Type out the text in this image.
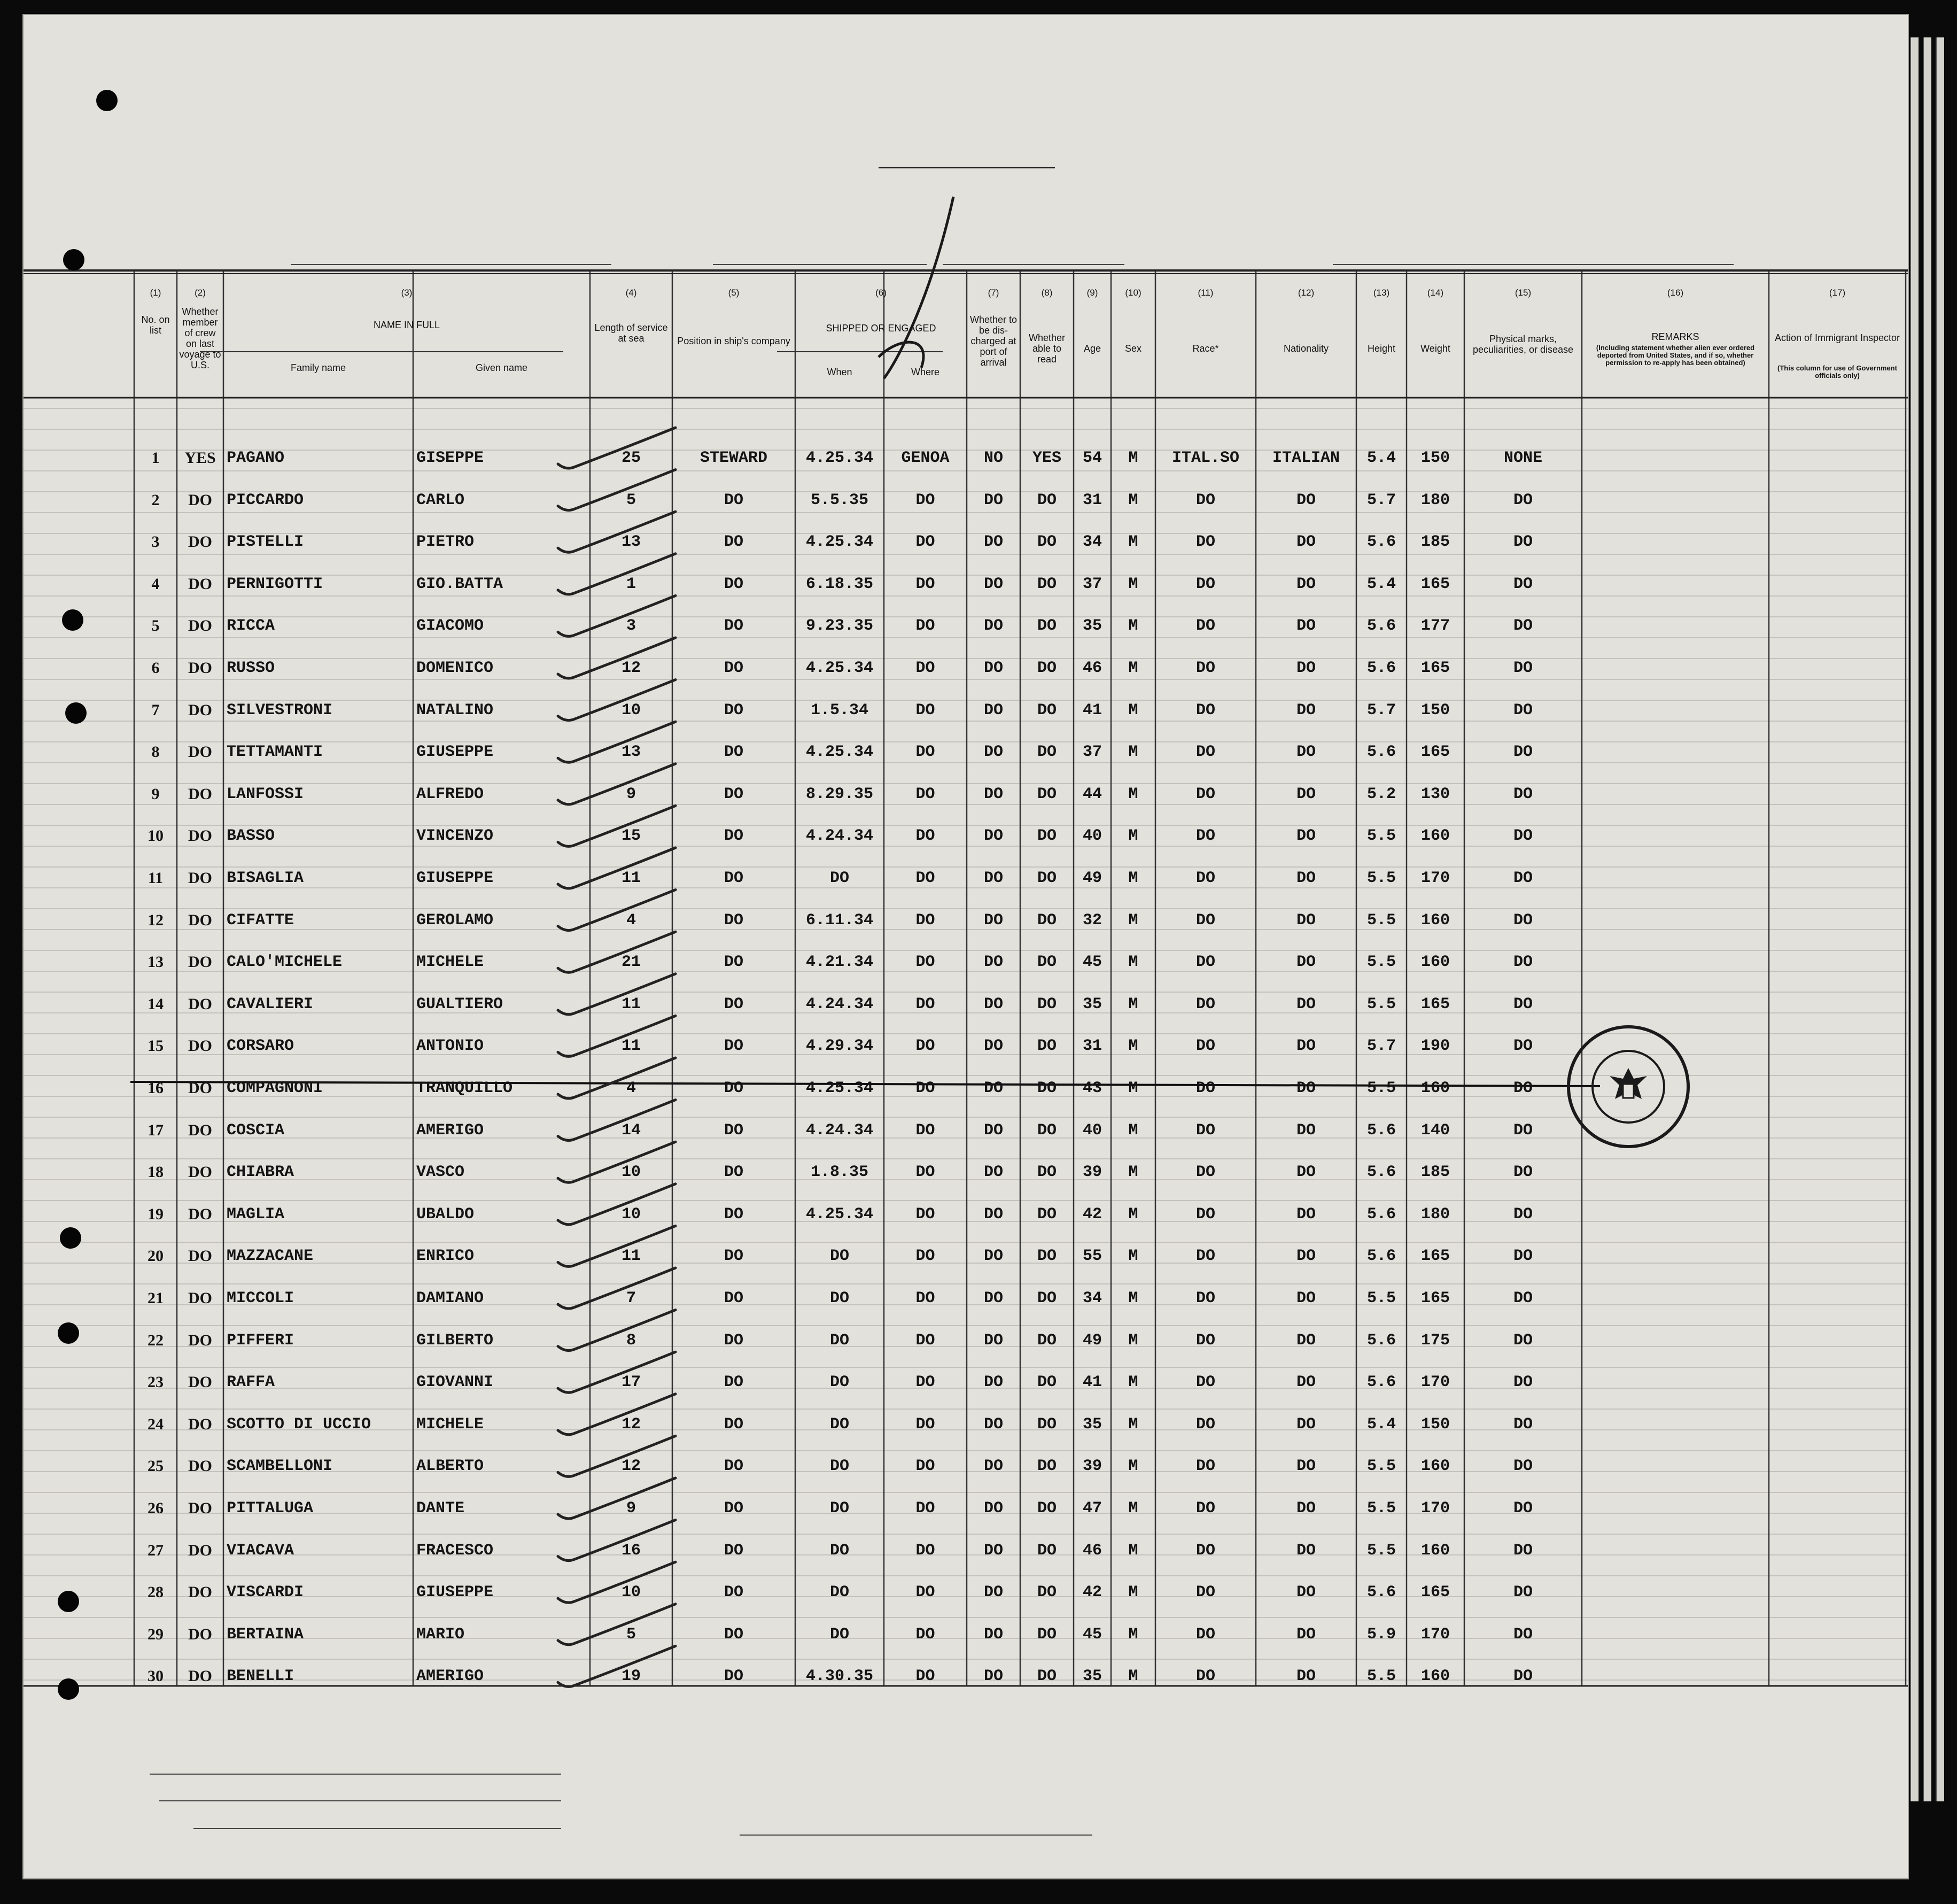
(1)
No. on list
(2)
Whether member of crew on last voyage to U.S.
(3)
NAME IN FULL
Family name	Given name
(4)
Length of service at sea
(5)
Position in ship's company
(6)
SHIPPED OR ENGAGED
When	Where
(7)
Whether to be dis-charged at port of arrival
(8)
Whether able to read
(9)
Age
(10)
Sex
(11)
Race*
(12)
Nationality
(13)
Height
(14)
Weight
(15)
Physical marks, peculiarities, or disease
(16)
REMARKS
(17)
Action of Immigrant Inspector
(Including statement whether alien ever ordered deported from United States, and if so, whether permission to re-apply has been obtained)
(This column for use of Government officials only)
1	YES PAGANO	GISEPPE	25	STEWARD	4.25.34	GENOA	NO	YES	54	M	ITAL.SO	ITALIAN	5.4	150	NONE
2	DO PICCARDO	CARLO	5	DO	5.5.35	DO	DO	DO	31	M	DO	DO	5.7	180	DO
3	DO PISTELLI	PIETRO	13	DO	4.25.34	DO	DO	DO	34	M	DO	DO	5.6	185	DO
4	DO PERNIGOTTI	GIO.BATTA	1	DO	6.18.35	DO	DO	DO	37	M	DO	DO	5.4	165	DO
5	DO RICCA	GIACOMO	3	DO	9.23.35	DO	DO	DO	35	M	DO	DO	5.6	177	DO
6	DO RUSSO	DOMENICO	12	DO	4.25.34	DO	DO	DO	46	M	DO	DO	5.6	165	DO
7	DO SILVESTRONI	NATALINO	10	DO	1.5.34	DO	DO	DO	41	M	DO	DO	5.7	150	DO
8	DO TETTAMANTI	GIUSEPPE	13	DO	4.25.34	DO	DO	DO	37	M	DO	DO	5.6	165	DO
9	DO LANFOSSI	ALFREDO	9	DO	8.29.35	DO	DO	DO	44	M	DO	DO	5.2	130	DO
10	DO BASSO	VINCENZO	15	DO	4.24.34	DO	DO	DO	40	M	DO	DO	5.5	160	DO
11	DO BISAGLIA	GIUSEPPE	11	DO	DO	DO	DO	DO	49	M	DO	DO	5.5	170	DO
12	DO CIFATTE	GEROLAMO	4	DO	6.11.34	DO	DO	DO	32	M	DO	DO	5.5	160	DO
13	DO CALO'MICHELE	MICHELE	21	DO	4.21.34	DO	DO	DO	45	M	DO	DO	5.5	160	DO
14	DO CAVALIERI	GUALTIERO	11	DO	4.24.34	DO	DO	DO	35	M	DO	DO	5.5	165	DO
15	DO CORSARO	ANTONIO	11	DO	4.29.34	DO	DO	DO	31	M	DO	DO	5.7	190	DO
16	DO COMPAGNONI	TRANQUILLO	4	DO	4.25.34	DO	DO	DO	43	M	DO	DO	5.5	160	DO
17	DO COSCIA	AMERIGO	14	DO	4.24.34	DO	DO	DO	40	M	DO	DO	5.6	140	DO
18	DO CHIABRA	VASCO	10	DO	1.8.35	DO	DO	DO	39	M	DO	DO	5.6	185	DO
19	DO MAGLIA	UBALDO	10	DO	4.25.34	DO	DO	DO	42	M	DO	DO	5.6	180	DO
20	DO MAZZACANE	ENRICO	11	DO	DO	DO	DO	DO	55	M	DO	DO	5.6	165	DO
21	DO MICCOLI	DAMIANO	7	DO	DO	DO	DO	DO	34	M	DO	DO	5.5	165	DO
22	DO PIFFERI	GILBERTO	8	DO	DO	DO	DO	DO	49	M	DO	DO	5.6	175	DO
23	DO RAFFA	GIOVANNI	17	DO	DO	DO	DO	DO	41	M	DO	DO	5.6	170	DO
24	DO SCOTTO DI UCCIO	MICHELE	12	DO	DO	DO	DO	DO	35	M	DO	DO	5.4	150	DO
25	DO SCAMBELLONI	ALBERTO	12	DO	DO	DO	DO	DO	39	M	DO	DO	5.5	160	DO
26	DO PITTALUGA	DANTE	9	DO	DO	DO	DO	DO	47	M	DO	DO	5.5	170	DO
27	DO VIACAVA	FRACESCO	16	DO	DO	DO	DO	DO	46	M	DO	DO	5.5	160	DO
28	DO VISCARDI	GIUSEPPE	10	DO	DO	DO	DO	DO	42	M	DO	DO	5.6	165	DO
29	DO BERTAINA	MARIO	5	DO	DO	DO	DO	DO	45	M	DO	DO	5.9	170	DO
30	DO BENELLI	AMERIGO	19	DO	4.30.35	DO	DO	DO	35	M	DO	DO	5.5	160	DO
